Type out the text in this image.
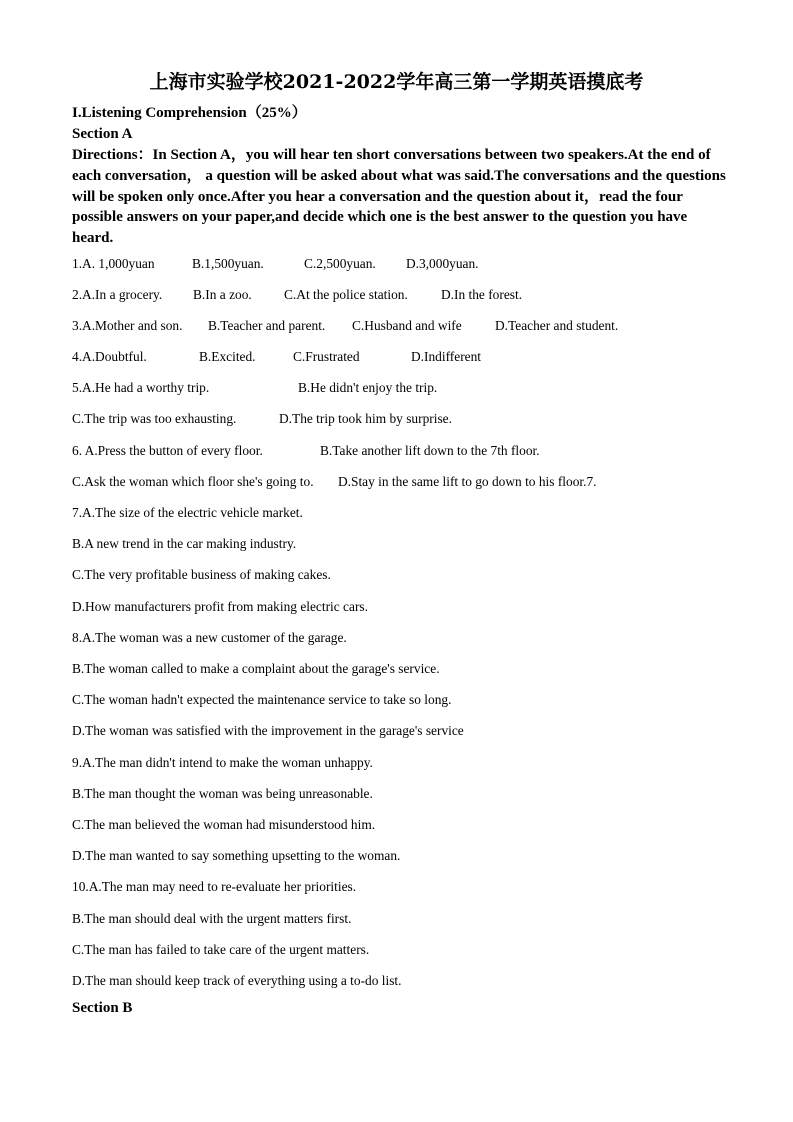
上海市实验学校2021-2022学年高三第一学期英语摸底考
I.Listening Comprehension（25%）
Section A
Directions：In Section A，you will hear ten short conversations between two speakers.At the end of each conversation， a question will be asked about what was said.The conversations and the questions will be spoken only once.After you hear a conversation and the question about it，read the four possible answers on your paper,and decide which one is the best answer to the question you have heard.
1.A. 1,000yuan	B.1,500yuan.	C.2,500yuan. D.3,000yuan.
2.A.In a grocery. B.In a zoo. C.At the police station. D.In the forest.
3.A.Mother and son. B.Teacher and parent. C.Husband and wife D.Teacher and student.
4.A.Doubtful.	B.Excited.	C.Frustrated	D.Indifferent
5.A.He had a worthy trip.	B.He didn't enjoy the trip.
C.The trip was too exhausting.	D.The trip took him by surprise.
6. A.Press the button of every floor.	B.Take another lift down to the 7th floor.
C.Ask the woman which floor she's going to. D.Stay in the same lift to go down to his floor.7.
7.A.The size of the electric vehicle market.
B.A new trend in the car making industry.
C.The very profitable business of making cakes.
D.How manufacturers profit from making electric cars.
8.A.The woman was a new customer of the garage.
B.The woman called to make a complaint about the garage's service.
C.The woman hadn't expected the maintenance service to take so long.
D.The woman was satisfied with the improvement in the garage's service
9.A.The man didn't intend to make the woman unhappy.
B.The man thought the woman was being unreasonable.
C.The man believed the woman had misunderstood him.
D.The man wanted to say something upsetting to the woman.
10.A.The man may need to re-evaluate her priorities.
B.The man should deal with the urgent matters first.
C.The man has failed to take care of the urgent matters.
D.The man should keep track of everything using a to-do list.
Section B
